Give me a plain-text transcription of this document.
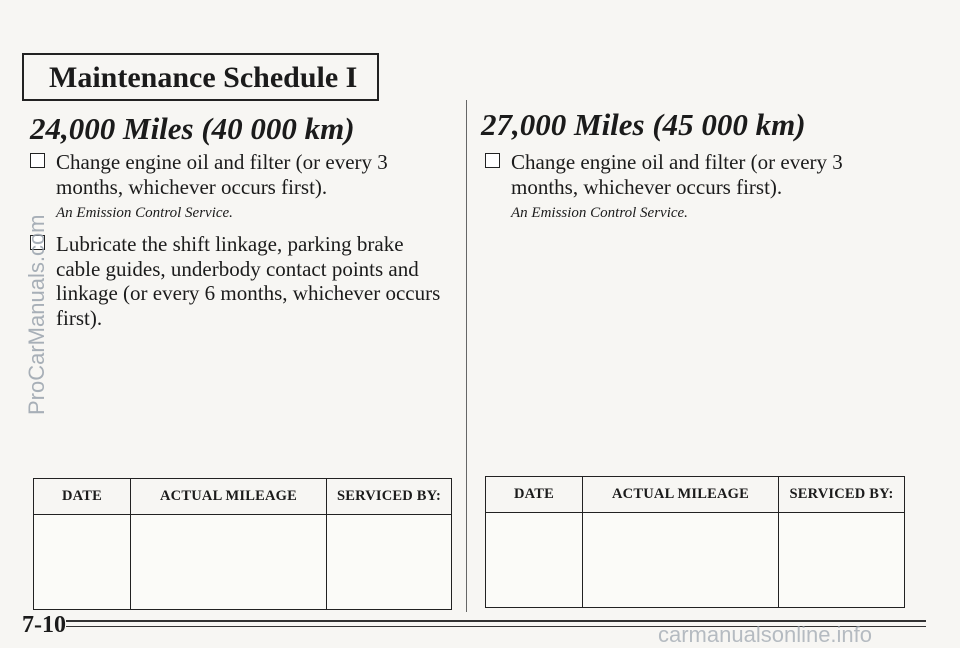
Maintenance Schedule I
24,000 Miles (40 000 km)
Change engine oil and filter (or every 3 months, whichever occurs first).
An Emission Control Service.
Lubricate the shift linkage, parking brake cable guides, underbody contact points and linkage (or every 6 months, whichever occurs first).
DATE	ACTUAL MILEAGE	SERVICED BY:

27,000 Miles (45 000 km)
Change engine oil and filter (or every 3 months, whichever occurs first).
An Emission Control Service.
DATE	ACTUAL MILEAGE	SERVICED BY:

7-10
ProCarManuals.com
carmanualsonline.info
